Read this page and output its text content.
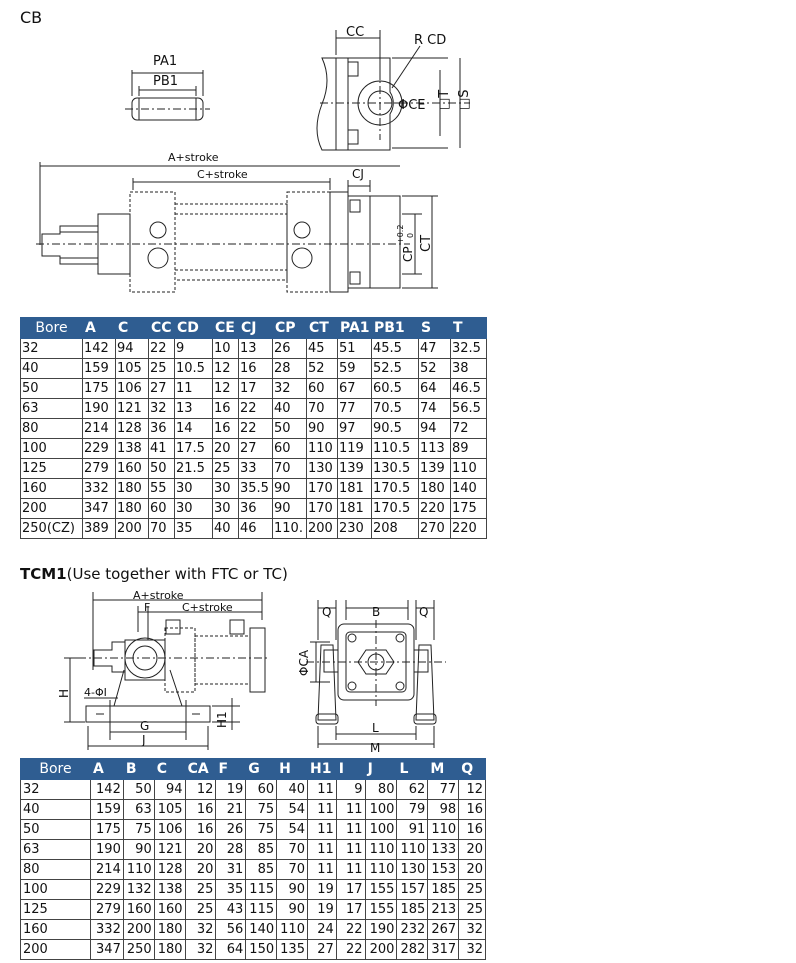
CB
PA1
PB1
CC
R CD
ΦCE □T □S
A+stroke
C+stroke	CJ
CP
+0.2 0 CT
Bore	A	C	CC	CD	CE	CJ	CP	CT	PA1	PB1	S	T
32	142	94	22	9	10	13	26	45	51	45.5	47	32.5
40	159	105	25	10.5	12	16	28	52	59	52.5	52	38
50	175	106	27	11	12	17	32	60	67	60.5	64	46.5
63	190	121	32	13	16	22	40	70	77	70.5	74	56.5
80	214	128	36	14	16	22	50	90	97	90.5	94	72
100	229	138	41	17.5	20	27	60	110	119	110.5	113	89
125	279	160	50	21.5	25	33	70	130	139	130.5	139	110
160	332	180	55	30	30	35.5	90	170	181	170.5	180	140
200	347	180	60	30	30	36	90	170	181	170.5	220	175
250(CZ)	389	200	70	35	40	46	110.	200	230	208	270	220
TCM1(Use together with FTC or TC)
A+stroke
F	C+stroke
H 4-ΦI
G
J
H1
Q	B	Q
ΦCA
L
M
Bore	A	B	C	CA	F	G	H	H1	I	J	L	M	Q
32	142	50	94	12	19	60	40	11	9	80	62	77	12
40	159	63	105	16	21	75	54	11	11	100	79	98	16
50	175	75	106	16	26	75	54	11	11	100	91	110	16
63	190	90	121	20	28	85	70	11	11	110	110	133	20
80	214	110	128	20	31	85	70	11	11	110	130	153	20
100	229	132	138	25	35	115	90	19	17	155	157	185	25
125	279	160	160	25	43	115	90	19	17	155	185	213	25
160	332	200	180	32	56	140	110	24	22	190	232	267	32
200	347	250	180	32	64	150	135	27	22	200	282	317	32
